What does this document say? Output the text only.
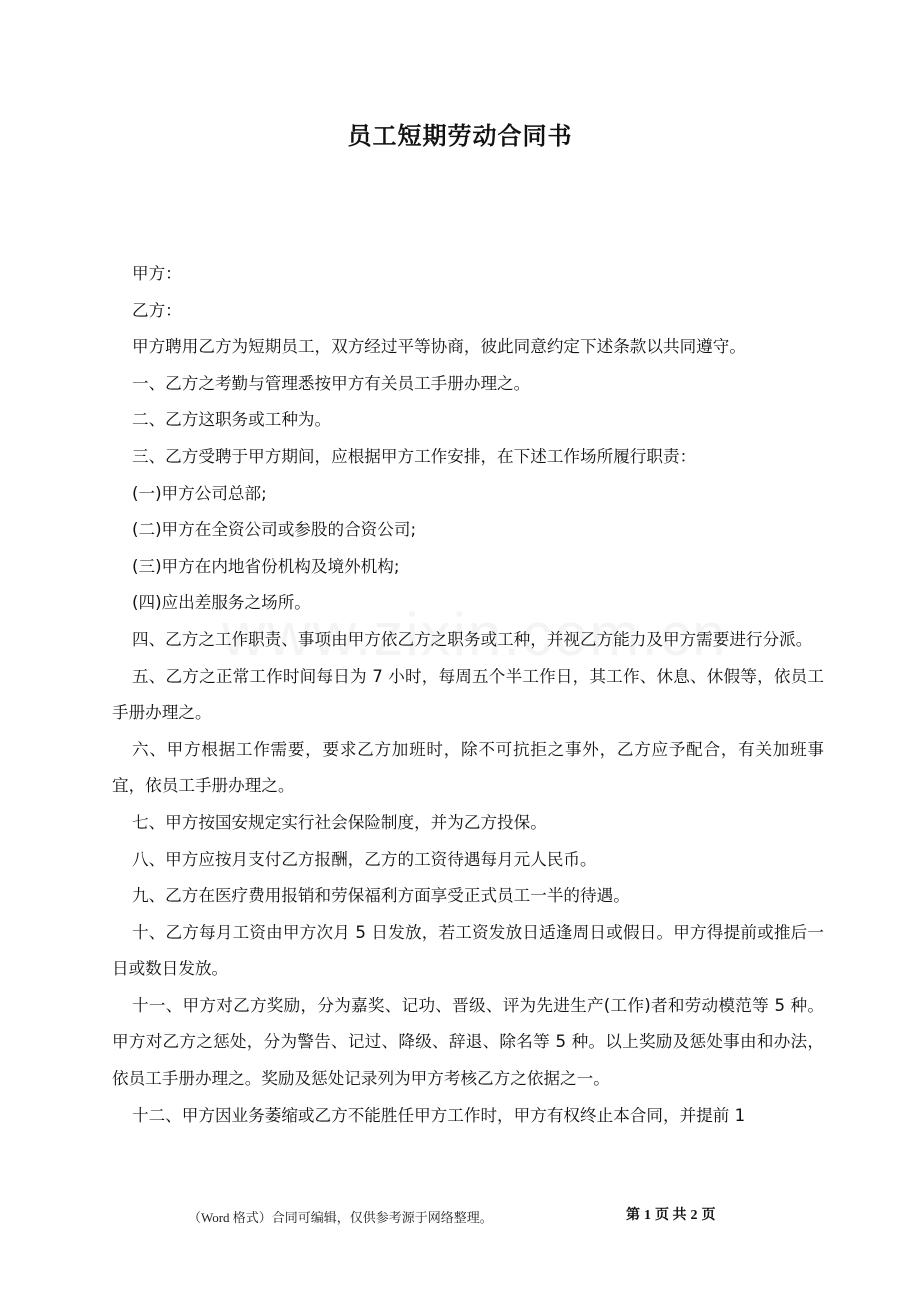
员工短期劳动合同书

甲方：

乙方：

甲方聘用乙方为短期员工，双方经过平等协商，彼此同意约定下述条款以共同遵守。

一、乙方之考勤与管理悉按甲方有关员工手册办理之。

二、乙方这职务或工种为。

三、乙方受聘于甲方期间，应根据甲方工作安排，在下述工作场所履行职责：

(一)甲方公司总部;

(二)甲方在全资公司或参股的合资公司;

(三)甲方在内地省份机构及境外机构;

(四)应出差服务之场所。

四、乙方之工作职责、事项由甲方依乙方之职务或工种，并视乙方能力及甲方需要进行分派。

五、乙方之正常工作时间每日为 7 小时，每周五个半工作日，其工作、休息、休假等，依员工手册办理之。

六、甲方根据工作需要，要求乙方加班时，除不可抗拒之事外，乙方应予配合，有关加班事宜，依员工手册办理之。

七、甲方按国安规定实行社会保险制度，并为乙方投保。

八、甲方应按月支付乙方报酬，乙方的工资待遇每月元人民币。

九、乙方在医疗费用报销和劳保福利方面享受正式员工一半的待遇。

十、乙方每月工资由甲方次月 5 日发放，若工资发放日适逢周日或假日。甲方得提前或推后一日或数日发放。

十一、甲方对乙方奖励，分为嘉奖、记功、晋级、评为先进生产(工作)者和劳动模范等 5 种。甲方对乙方之惩处，分为警告、记过、降级、辞退、除名等 5 种。以上奖励及惩处事由和办法，依员工手册办理之。奖励及惩处记录列为甲方考核乙方之依据之一。

十二、甲方因业务萎缩或乙方不能胜任甲方工作时，甲方有权终止本合同，并提前 1

（Word 格式）合同可编辑，仅供参考源于网络整理。	第 1 页 共 2 页
